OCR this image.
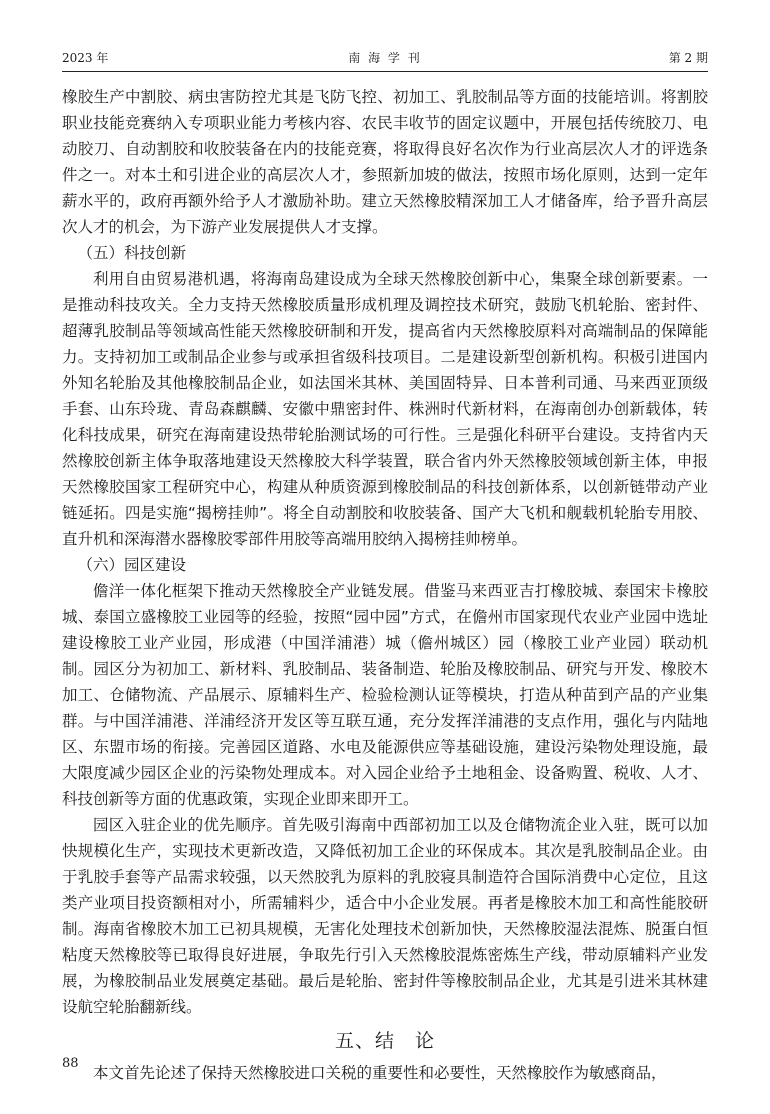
2023 年	南 海 学 刊	第 2 期

橡胶生产中割胶、病虫害防控尤其是飞防飞控、初加工、乳胶制品等方面的技能培训。将割胶职业技能竞赛纳入专项职业能力考核内容、农民丰收节的固定议题中，开展包括传统胶刀、电动胶刀、自动割胶和收胶装备在内的技能竞赛，将取得良好名次作为行业高层次人才的评选条件之一。对本土和引进企业的高层次人才，参照新加坡的做法，按照市场化原则，达到一定年薪水平的，政府再额外给予人才激励补助。建立天然橡胶精深加工人才储备库，给予晋升高层次人才的机会，为下游产业发展提供人才支撑。

（五）科技创新

利用自由贸易港机遇，将海南岛建设成为全球天然橡胶创新中心，集聚全球创新要素。一是推动科技攻关。全力支持天然橡胶质量形成机理及调控技术研究，鼓励飞机轮胎、密封件、超薄乳胶制品等领域高性能天然橡胶研制和开发，提高省内天然橡胶原料对高端制品的保障能力。支持初加工或制品企业参与或承担省级科技项目。二是建设新型创新机构。积极引进国内外知名轮胎及其他橡胶制品企业，如法国米其林、美国固特异、日本普利司通、马来西亚顶级手套、山东玲珑、青岛森麒麟、安徽中鼎密封件、株洲时代新材料，在海南创办创新载体，转化科技成果，研究在海南建设热带轮胎测试场的可行性。三是强化科研平台建设。支持省内天然橡胶创新主体争取落地建设天然橡胶大科学装置，联合省内外天然橡胶领域创新主体，申报天然橡胶国家工程研究中心，构建从种质资源到橡胶制品的科技创新体系，以创新链带动产业链延拓。四是实施“揭榜挂帅”。将全自动割胶和收胶装备、国产大飞机和舰载机轮胎专用胶、直升机和深海潜水器橡胶零部件用胶等高端用胶纳入揭榜挂帅榜单。

（六）园区建设

儋洋一体化框架下推动天然橡胶全产业链发展。借鉴马来西亚吉打橡胶城、泰国宋卡橡胶城、泰国立盛橡胶工业园等的经验，按照“园中园”方式，在儋州市国家现代农业产业园中选址建设橡胶工业产业园，形成港（中国洋浦港）城（儋州城区）园（橡胶工业产业园）联动机制。园区分为初加工、新材料、乳胶制品、装备制造、轮胎及橡胶制品、研究与开发、橡胶木加工、仓储物流、产品展示、原辅料生产、检验检测认证等模块，打造从种苗到产品的产业集群。与中国洋浦港、洋浦经济开发区等互联互通，充分发挥洋浦港的支点作用，强化与内陆地区、东盟市场的衔接。完善园区道路、水电及能源供应等基础设施，建设污染物处理设施，最大限度减少园区企业的污染物处理成本。对入园企业给予土地租金、设备购置、税收、人才、科技创新等方面的优惠政策，实现企业即来即开工。

园区入驻企业的优先顺序。首先吸引海南中西部初加工以及仓储物流企业入驻，既可以加快规模化生产，实现技术更新改造，又降低初加工企业的环保成本。其次是乳胶制品企业。由于乳胶手套等产品需求较强，以天然胶乳为原料的乳胶寝具制造符合国际消费中心定位，且这类产业项目投资额相对小，所需辅料少，适合中小企业发展。再者是橡胶木加工和高性能胶研制。海南省橡胶木加工已初具规模，无害化处理技术创新加快，天然橡胶湿法混炼、脱蛋白恒粘度天然橡胶等已取得良好进展，争取先行引入天然橡胶混炼密炼生产线，带动原辅料产业发展，为橡胶制品业发展奠定基础。最后是轮胎、密封件等橡胶制品企业，尤其是引进米其林建设航空轮胎翻新线。

五、结　论

本文首先论述了保持天然橡胶进口关税的重要性和必要性，天然橡胶作为敏感商品，

88
